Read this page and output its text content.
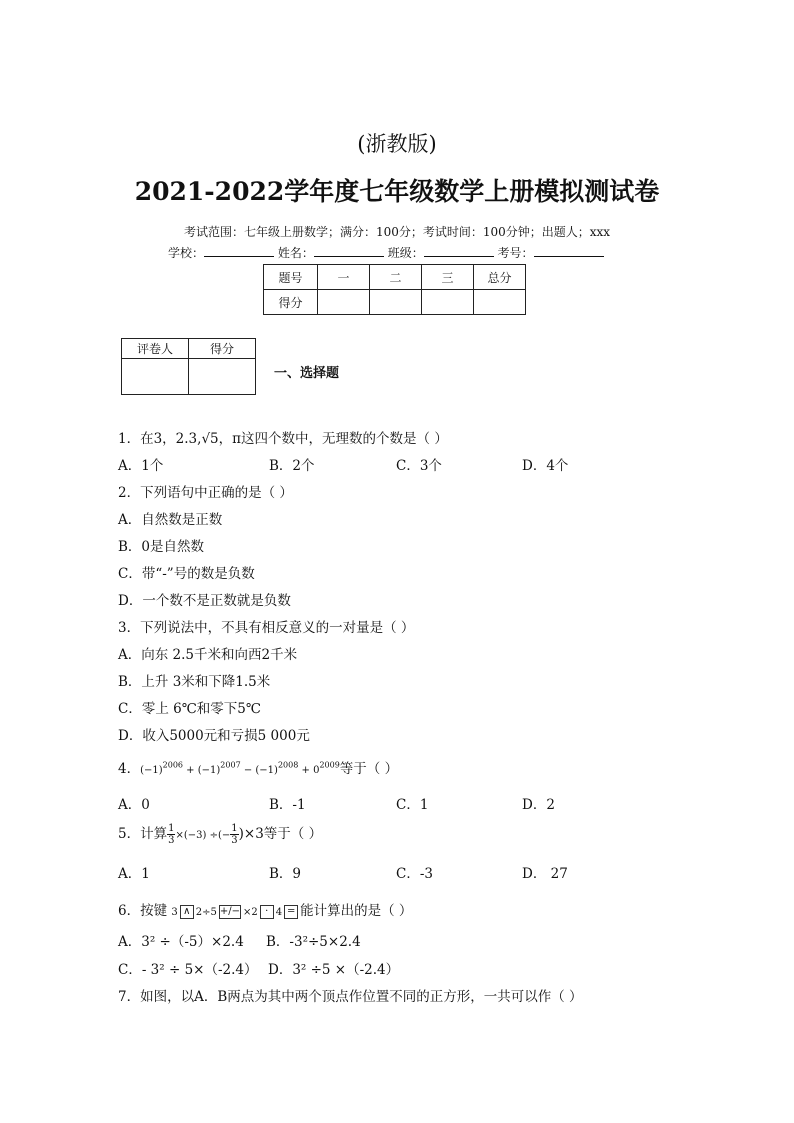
(浙教版)
2021-2022学年度七年级数学上册模拟测试卷
考试范围：七年级上册数学；满分：100分；考试时间：100分钟；出题人；xxx
学校：	姓名：	班级：	考号：
题号	一	二	三	总分
得分				
评卷人	得分

一、选择题
1．在3，2.3,√5，π这四个数中，无理数的个数是（ ）
A．1个	B．2个	C．3个	D．4个
2．下列语句中正确的是（ ）
A．自然数是正数
B．0是自然数
C．带“-”号的数是负数
D．一个数不是正数就是负数
3．下列说法中，不具有相反意义的一对量是（ ）
A．向东 2.5千米和向西2千米
B．上升 3米和下降1.5米
C．零上 6℃和零下5℃
D．收入5000元和亏损5 000元
4．$(-1)^{2006} + (-1)^{2007} - (-1)^{2008} + 0^{2009}$等于（ ）
A．0	B．-1	C．1	D．2
5．计算 $\frac{1}{3} \times(-3)$ ÷(− $\frac{1}{3} )\times 3$等于（ ）
A．1	B．9	C．-3	D． 27
6．按键 3 ∧ 2÷5 +/− ×2 · 4 = 能计算出的是（ ）
A．3² ÷（-5）×2.4 B．-3²÷5×2.4
C．- 3² ÷ 5×（-2.4） D．3² ÷5 ×（-2.4）
7．如图，以A．B两点为其中两个顶点作位置不同的正方形，一共可以作（ ）
